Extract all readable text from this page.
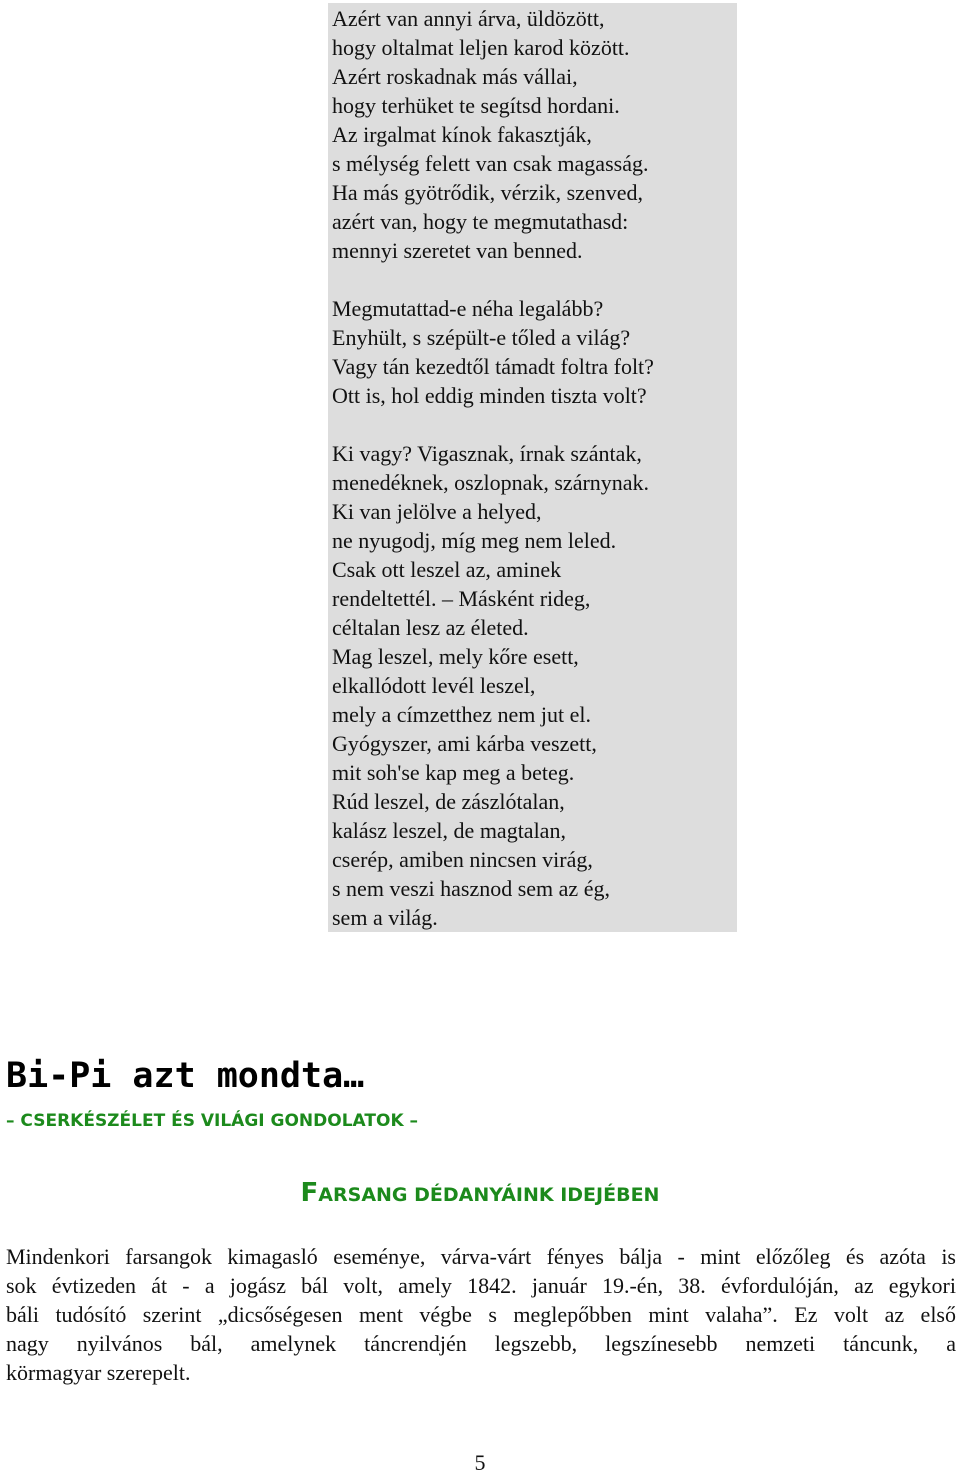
Azért van annyi árva, üldözött,
hogy oltalmat leljen karod között.
Azért roskadnak más vállai,
hogy terhüket te segítsd hordani.
Az irgalmat kínok fakasztják,
s mélység felett van csak magasság.
Ha más gyötrődik, vérzik, szenved,
azért van, hogy te megmutathasd:
mennyi szeretet van benned.
Megmutattad-e néha legalább?
Enyhült, s szépült-e tőled a világ?
Vagy tán kezedtől támadt foltra folt?
Ott is, hol eddig minden tiszta volt?
Ki vagy? Vigasznak, írnak szántak,
menedéknek, oszlopnak, szárnynak.
Ki van jelölve a helyed,
ne nyugodj, míg meg nem leled.
Csak ott leszel az, aminek
rendeltettél. – Másként rideg,
céltalan lesz az életed.
Mag leszel, mely kőre esett,
elkallódott levél leszel,
mely a címzetthez nem jut el.
Gyógyszer, ami kárba veszett,
mit soh'se kap meg a beteg.
Rúd leszel, de zászlótalan,
kalász leszel, de magtalan,
cserép, amiben nincsen virág,
s nem veszi hasznod sem az ég,
sem a világ.
Bi-Pi azt mondta…
– CSERKÉSZÉLET ÉS VILÁGI GONDOLATOK –
FARSANG DÉDANYÁINK IDEJÉBEN
Mindenkori farsangok kimagasló eseménye, várva-várt fényes bálja - mint előzőleg és azóta is
sok évtizeden át - a jogász bál volt, amely 1842. január 19.-én, 38. évfordulóján, az egykori
báli tudósító szerint „dicsőségesen ment végbe s meglepőbben mint valaha”. Ez volt az első
nagy nyilvános bál, amelynek táncrendjén legszebb, legszínesebb nemzeti táncunk, a
körmagyar szerepelt.
5
